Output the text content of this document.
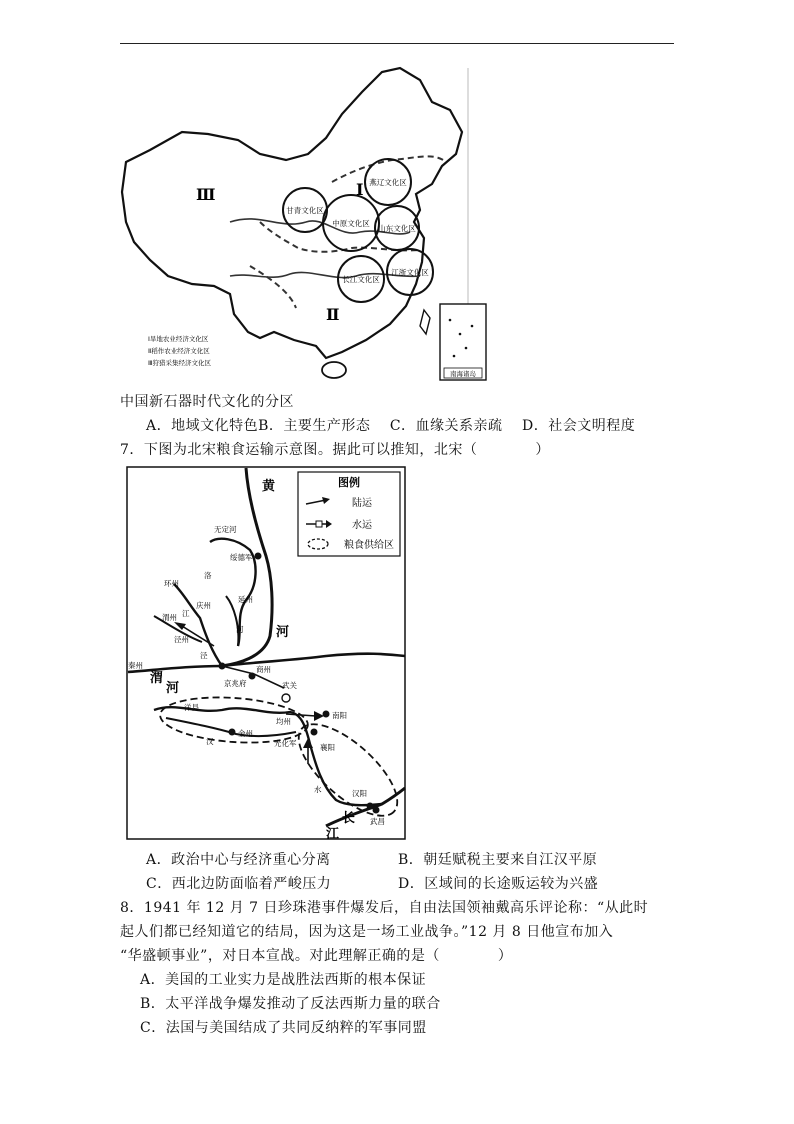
燕辽文化区
甘青文化区
中原文化区
山东文化区
长江文化区
江浙文化区
Ⅰ
Ⅱ
Ⅲ
Ⅰ旱地农业经济文化区
Ⅱ稻作农业经济文化区
Ⅲ狩猎采集经济文化区
南海诸岛
中国新石器时代文化的分区
A．地域文化特色B．主要生产形态　 C．血缘关系亲疏　 D．社会文明程度
7．下图为北宋粮食运输示意图。据此可以推知，北宋（　　　　）
图例
陆运
水运
粮食供给区
黄
河
渭
河
长
江
汉
水
无定河
洛
江
河
泾
绥德军
环州
庆州
延州
渭州
泾州
秦州
京兆府
商州
武关
均州
南阳
金州
光化军	襄阳
汉阳
武昌
洋县
A．政治中心与经济重心分离	B．朝廷赋税主要来自江汉平原
C．西北边防面临着严峻压力	D．区域间的长途贩运较为兴盛
8．1941 年 12 月 7 日珍珠港事件爆发后，自由法国领袖戴高乐评论称：“从此时
起人们都已经知道它的结局，因为这是一场工业战争。”12 月 8 日他宣布加入
“华盛顿事业”，对日本宣战。对此理解正确的是（　　　　）
A．美国的工业实力是战胜法西斯的根本保证
B．太平洋战争爆发推动了反法西斯力量的联合
C．法国与美国结成了共同反纳粹的军事同盟
